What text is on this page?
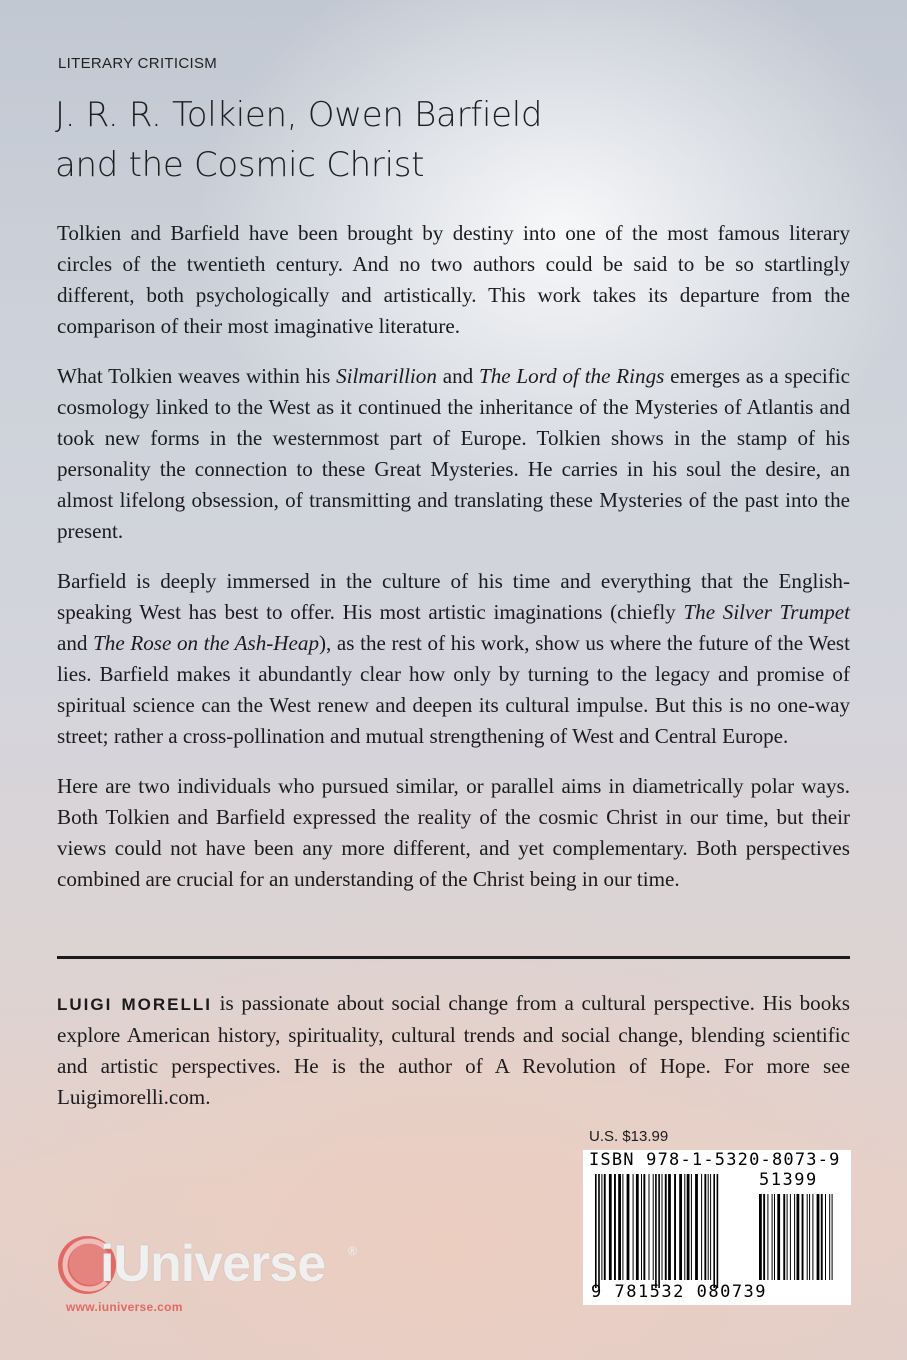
LITERARY CRITICISM
J. R. R. Tolkien, Owen Barfield
and the Cosmic Christ

Tolkien and Barfield have been brought by destiny into one of the most famous literary circles of the twentieth century. And no two authors could be said to be so startlingly different, both psychologically and artistically. This work takes its departure from the comparison of their most imaginative literature.

What Tolkien weaves within his Silmarillion and The Lord of the Rings emerges as a specific cosmology linked to the West as it continued the inheritance of the Mysteries of Atlantis and took new forms in the westernmost part of Europe. Tolkien shows in the stamp of his personality the connection to these Great Mysteries. He carries in his soul the desire, an almost lifelong obsession, of transmitting and translating these Mysteries of the past into the present.

Barfield is deeply immersed in the culture of his time and everything that the English-speaking West has best to offer. His most artistic imaginations (chiefly The Silver Trumpet and The Rose on the Ash-Heap), as the rest of his work, show us where the future of the West lies. Barfield makes it abundantly clear how only by turning to the legacy and promise of spiritual science can the West renew and deepen its cultural impulse. But this is no one-way street; rather a cross-pollination and mutual strengthening of West and Central Europe.

Here are two individuals who pursued similar, or parallel aims in diametrically polar ways. Both Tolkien and Barfield expressed the reality of the cosmic Christ in our time, but their views could not have been any more different, and yet complementary. Both perspectives combined are crucial for an understanding of the Christ being in our time.

LUIGI MORELLI is passionate about social change from a cultural perspective. His books explore American history, spirituality, cultural trends and social change, blending scientific and artistic perspectives. He is the author of A Revolution of Hope. For more see Luigimorelli.com.
iUniverse ®
www.iuniverse.com
U.S. $13.99
ISBN 978-1-5320-8073-9
51399
9 781532 080739
